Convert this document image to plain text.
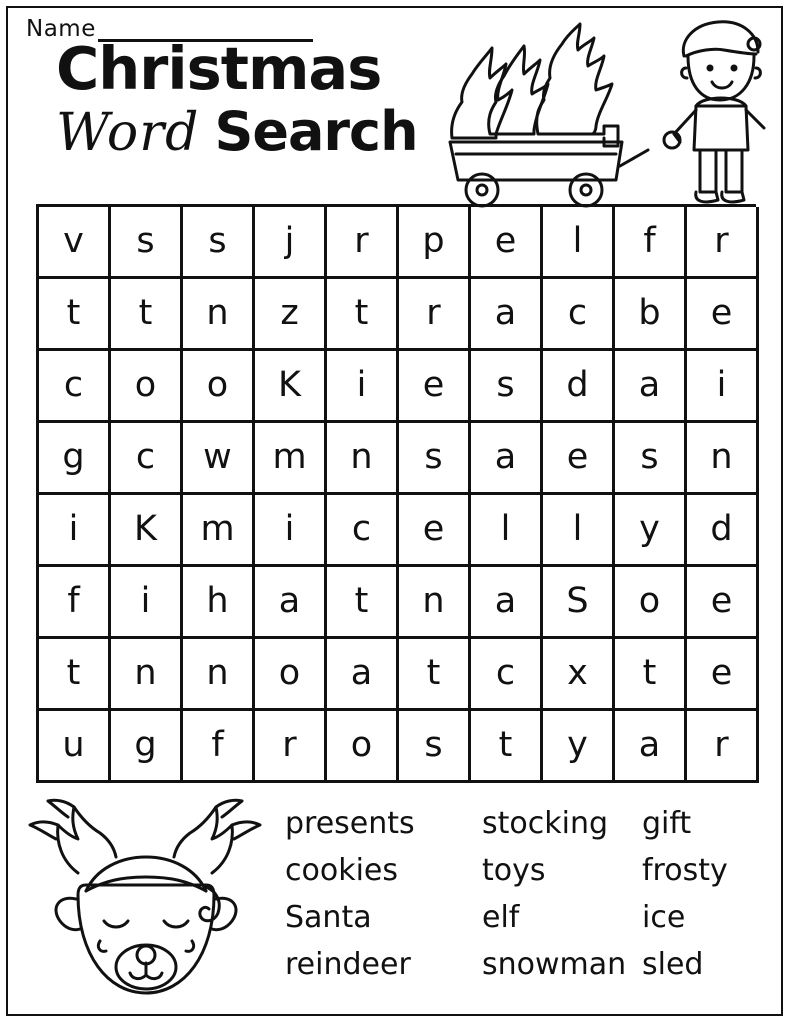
Name
Christmas
Word Search
v	s	s	j	r	p	e	l	f	r
t	t	n	z	t	r	a	c	b	e
c	o	o	K	i	e	s	d	a	i
g	c	w	m	n	s	a	e	s	n
i	K	m	i	c	e	l	l	y	d
f	i	h	a	t	n	a	S	o	e
t	n	n	o	a	t	c	x	t	e
u	g	f	r	o	s	t	y	a	r
presents
cookies
Santa
reindeer
stocking
toys
elf
snowman
gift
frosty
ice
sled
